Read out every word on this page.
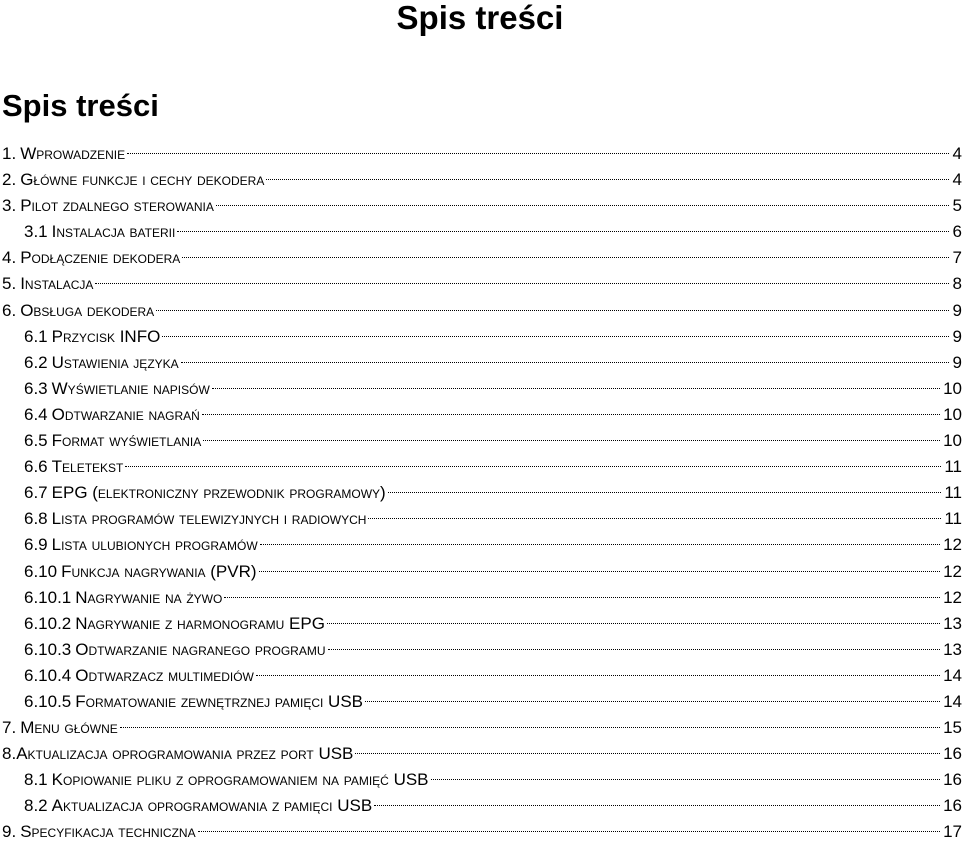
Spis treści
Spis treści
1. Wprowadzenie	4
2. Główne funkcje i cechy dekodera	4
3. Pilot zdalnego sterowania	5
3.1 Instalacja baterii	6
4. Podłączenie dekodera	7
5. Instalacja	8
6. Obsługa dekodera	9
6.1 Przycisk INFO	9
6.2 Ustawienia języka	9
6.3 Wyświetlanie napisów	10
6.4 Odtwarzanie nagrań	10
6.5 Format wyświetlania	10
6.6 Teletekst	11
6.7 EPG (elektroniczny przewodnik programowy)	11
6.8 Lista programów telewizyjnych i radiowych	11
6.9 Lista ulubionych programów	12
6.10 Funkcja nagrywania (PVR)	12
6.10.1 Nagrywanie na żywo	12
6.10.2 Nagrywanie z harmonogramu EPG	13
6.10.3 Odtwarzanie nagranego programu	13
6.10.4 Odtwarzacz multimediów	14
6.10.5 Formatowanie zewnętrznej pamięci USB	14
7. Menu główne	15
8. Aktualizacja oprogramowania przez port USB	16
8.1 Kopiowanie pliku z oprogramowaniem na pamięć USB	16
8.2 Aktualizacja oprogramowania z pamięci USB	16
9. Specyfikacja techniczna	17
